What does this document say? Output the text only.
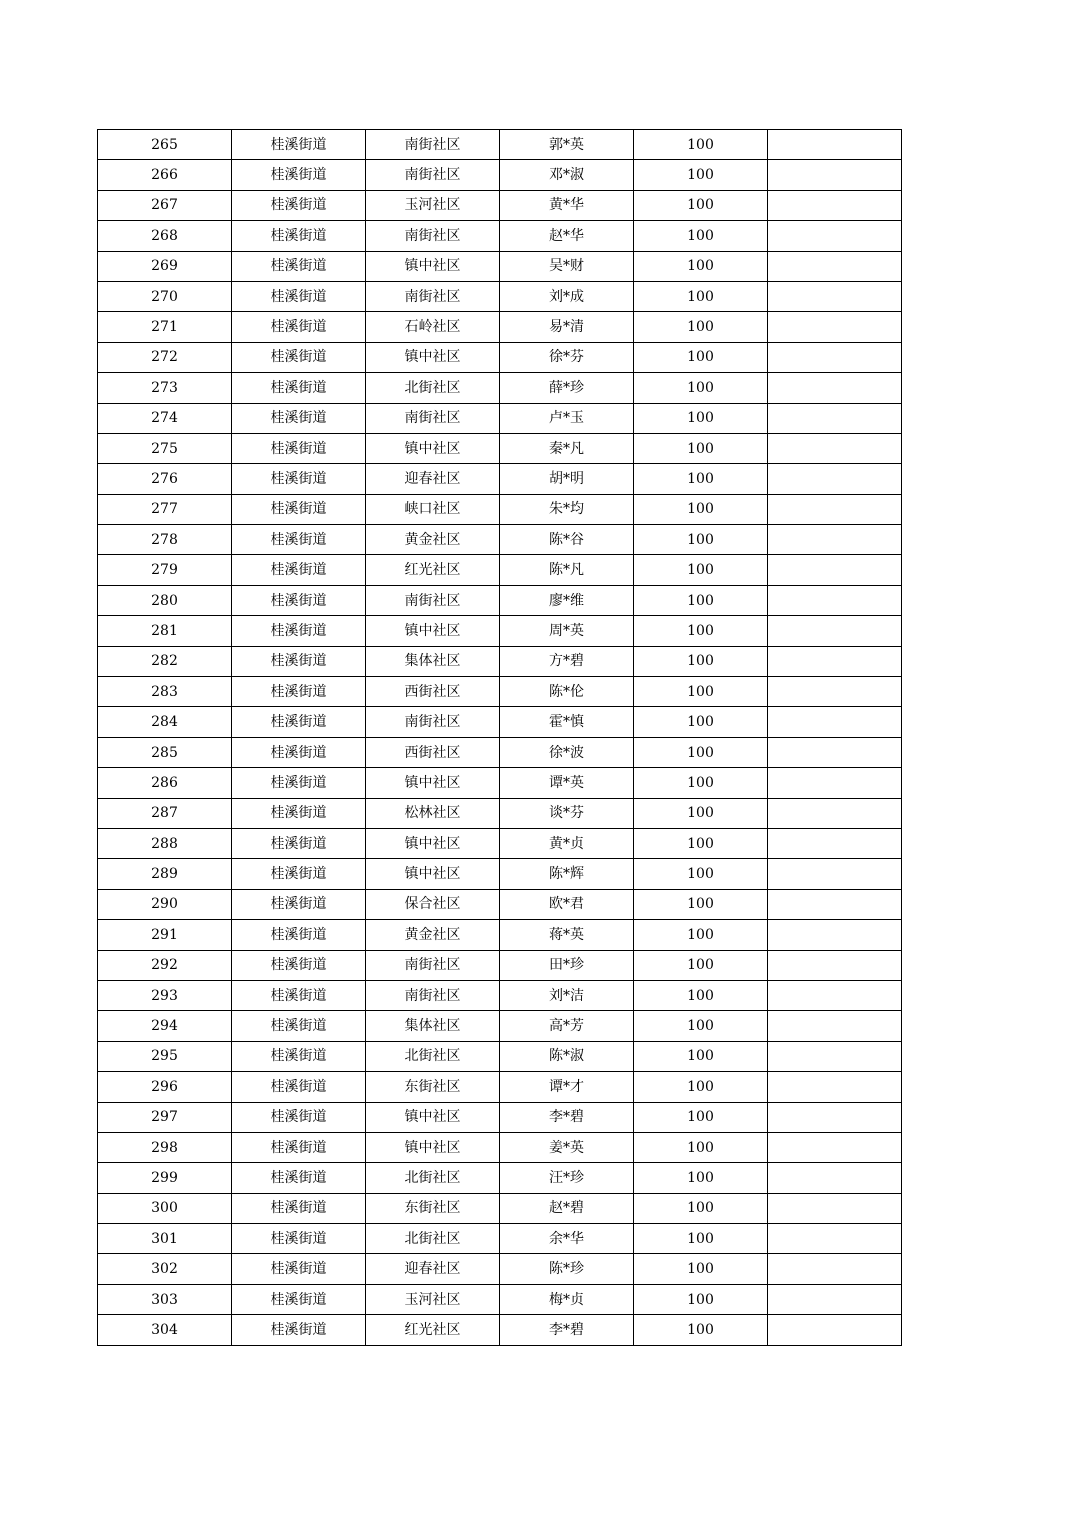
265	桂溪街道	南街社区	郭*英	100	
266	桂溪街道	南街社区	邓*淑	100	
267	桂溪街道	玉河社区	黄*华	100	
268	桂溪街道	南街社区	赵*华	100	
269	桂溪街道	镇中社区	吴*财	100	
270	桂溪街道	南街社区	刘*成	100	
271	桂溪街道	石岭社区	易*清	100	
272	桂溪街道	镇中社区	徐*芬	100	
273	桂溪街道	北街社区	薛*珍	100	
274	桂溪街道	南街社区	卢*玉	100	
275	桂溪街道	镇中社区	秦*凡	100	
276	桂溪街道	迎春社区	胡*明	100	
277	桂溪街道	峡口社区	朱*均	100	
278	桂溪街道	黄金社区	陈*谷	100	
279	桂溪街道	红光社区	陈*凡	100	
280	桂溪街道	南街社区	廖*维	100	
281	桂溪街道	镇中社区	周*英	100	
282	桂溪街道	集体社区	方*碧	100	
283	桂溪街道	西街社区	陈*伦	100	
284	桂溪街道	南街社区	霍*慎	100	
285	桂溪街道	西街社区	徐*波	100	
286	桂溪街道	镇中社区	谭*英	100	
287	桂溪街道	松林社区	谈*芬	100	
288	桂溪街道	镇中社区	黄*贞	100	
289	桂溪街道	镇中社区	陈*辉	100	
290	桂溪街道	保合社区	欧*君	100	
291	桂溪街道	黄金社区	蒋*英	100	
292	桂溪街道	南街社区	田*珍	100	
293	桂溪街道	南街社区	刘*洁	100	
294	桂溪街道	集体社区	高*芳	100	
295	桂溪街道	北街社区	陈*淑	100	
296	桂溪街道	东街社区	谭*才	100	
297	桂溪街道	镇中社区	李*碧	100	
298	桂溪街道	镇中社区	姜*英	100	
299	桂溪街道	北街社区	汪*珍	100	
300	桂溪街道	东街社区	赵*碧	100	
301	桂溪街道	北街社区	余*华	100	
302	桂溪街道	迎春社区	陈*珍	100	
303	桂溪街道	玉河社区	梅*贞	100	
304	桂溪街道	红光社区	李*碧	100	
